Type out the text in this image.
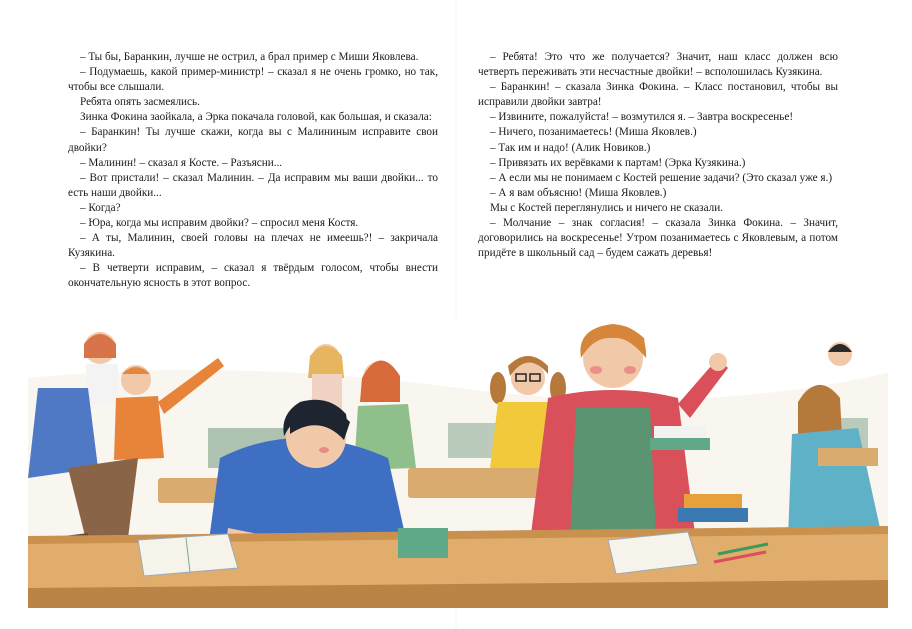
– Ты бы, Баранкин, лучше не острил, а брал пример с Миши Яковлева.

– Подумаешь, какой пример-министр! – сказал я не очень громко, но так, чтобы все слышали.

Ребята опять засмеялись.

Зинка Фокина заойкала, а Эрка покачала головой, как большая, и сказала:

– Баранкин! Ты лучше скажи, когда вы с Малининым исправите свои двойки?

– Малинин! – сказал я Косте. – Разъясни...

– Вот пристали! – сказал Малинин. – Да исправим мы ваши двойки... то есть наши двойки...

– Когда?

– Юра, когда мы исправим двойки? – спросил меня Костя.

– А ты, Малинин, своей головы на плечах не имеешь?! – закричала Кузякина.

– В четверти исправим, – сказал я твёрдым голосом, чтобы внести окончательную ясность в этот вопрос.

– Ребята! Это что же получается? Значит, наш класс должен всю четверть переживать эти несчастные двойки! – всполошилась Кузякина.

– Баранкин! – сказала Зинка Фокина. – Класс постановил, чтобы вы исправили двойки завтра!

– Извините, пожалуйста! – возмутился я. – Завтра воскресенье!

– Ничего, позанимаетесь! (Миша Яковлев.)

– Так им и надо! (Алик Новиков.)

– Привязать их верёвками к партам! (Эрка Кузякина.)

– А если мы не понимаем с Костей решение задачи? (Это сказал уже я.)

– А я вам объясню! (Миша Яковлев.)

Мы с Костей переглянулись и ничего не сказали.

– Молчание – знак согласия! – сказала Зинка Фокина. – Значит, договорились на воскресенье! Утром позанимаетесь с Яковлевым, а потом придёте в школьный сад – будем сажать деревья!
